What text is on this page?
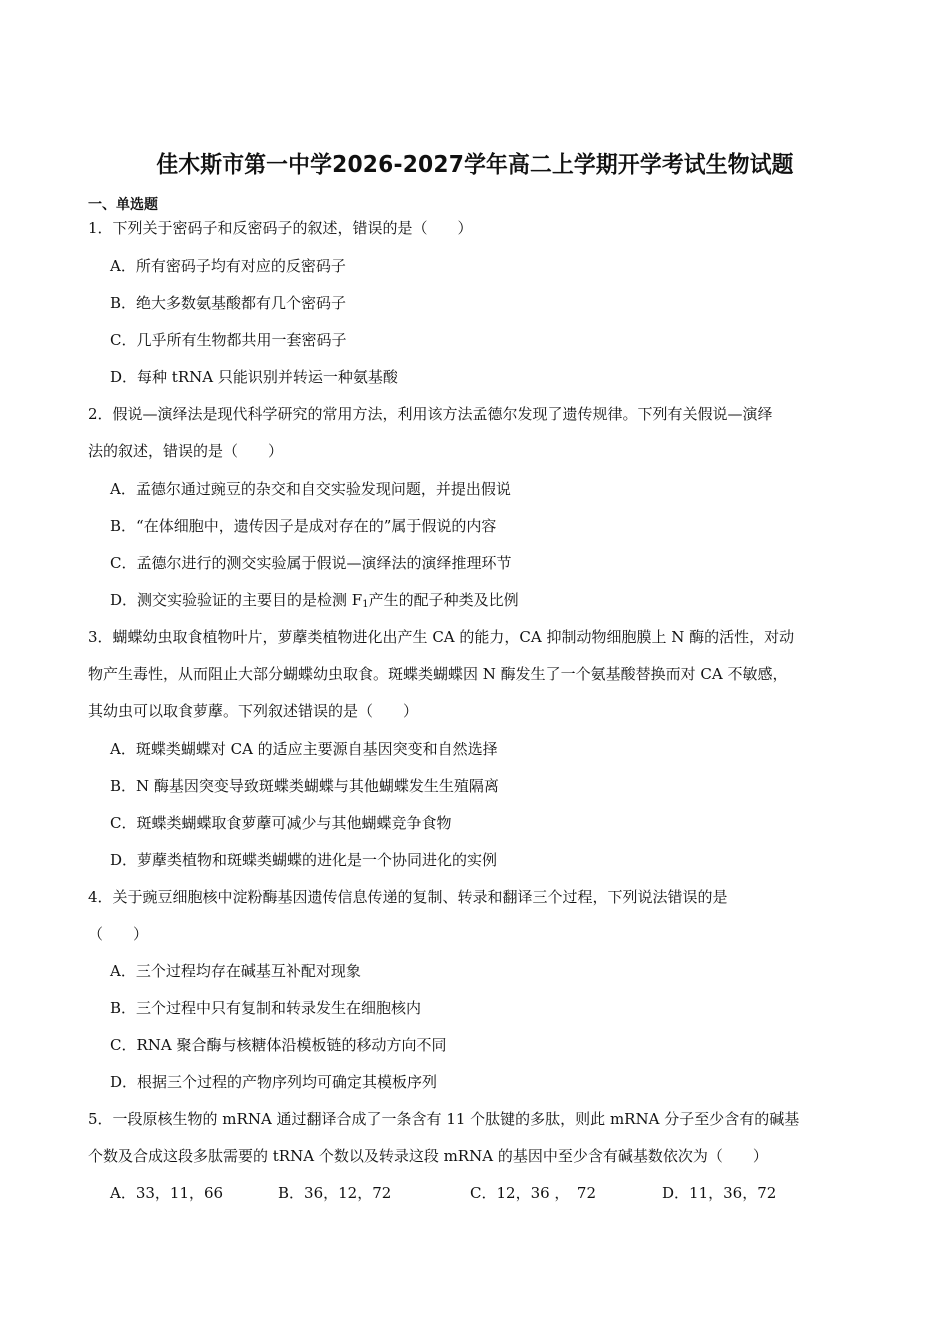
佳木斯市第一中学2026-2027学年高二上学期开学考试生物试题
一、单选题
1．下列关于密码子和反密码子的叙述，错误的是（　　）
A．所有密码子均有对应的反密码子
B．绝大多数氨基酸都有几个密码子
C．几乎所有生物都共用一套密码子
D．每种 tRNA 只能识别并转运一种氨基酸
2．假说—演绎法是现代科学研究的常用方法，利用该方法孟德尔发现了遗传规律。下列有关假说—演绎
法的叙述，错误的是（　　）
A．孟德尔通过豌豆的杂交和自交实验发现问题，并提出假说
B．“在体细胞中，遗传因子是成对存在的”属于假说的内容
C．孟德尔进行的测交实验属于假说—演绎法的演绎推理环节
D．测交实验验证的主要目的是检测 $F_1$产生的配子种类及比例
3．蝴蝶幼虫取食植物叶片，萝藦类植物进化出产生 CA 的能力，CA 抑制动物细胞膜上 N 酶的活性，对动
物产生毒性，从而阻止大部分蝴蝶幼虫取食。斑蝶类蝴蝶因 N 酶发生了一个氨基酸替换而对 CA 不敏感，
其幼虫可以取食萝藦。下列叙述错误的是（　　）
A．斑蝶类蝴蝶对 CA 的适应主要源自基因突变和自然选择
B．N 酶基因突变导致斑蝶类蝴蝶与其他蝴蝶发生生殖隔离
C．斑蝶类蝴蝶取食萝藦可减少与其他蝴蝶竞争食物
D．萝藦类植物和斑蝶类蝴蝶的进化是一个协同进化的实例
4．关于豌豆细胞核中淀粉酶基因遗传信息传递的复制、转录和翻译三个过程，下列说法错误的是
（　　）
A．三个过程均存在碱基互补配对现象
B．三个过程中只有复制和转录发生在细胞核内
C．RNA 聚合酶与核糖体沿模板链的移动方向不同
D．根据三个过程的产物序列均可确定其模板序列
5．一段原核生物的 mRNA 通过翻译合成了一条含有 11 个肽键的多肽，则此 mRNA 分子至少含有的碱基
个数及合成这段多肽需要的 tRNA 个数以及转录这段 mRNA 的基因中至少含有碱基数依次为（　　）
A．33，11，66	B．36，12，72	C．12，36 ，　72	D．11，36，72
